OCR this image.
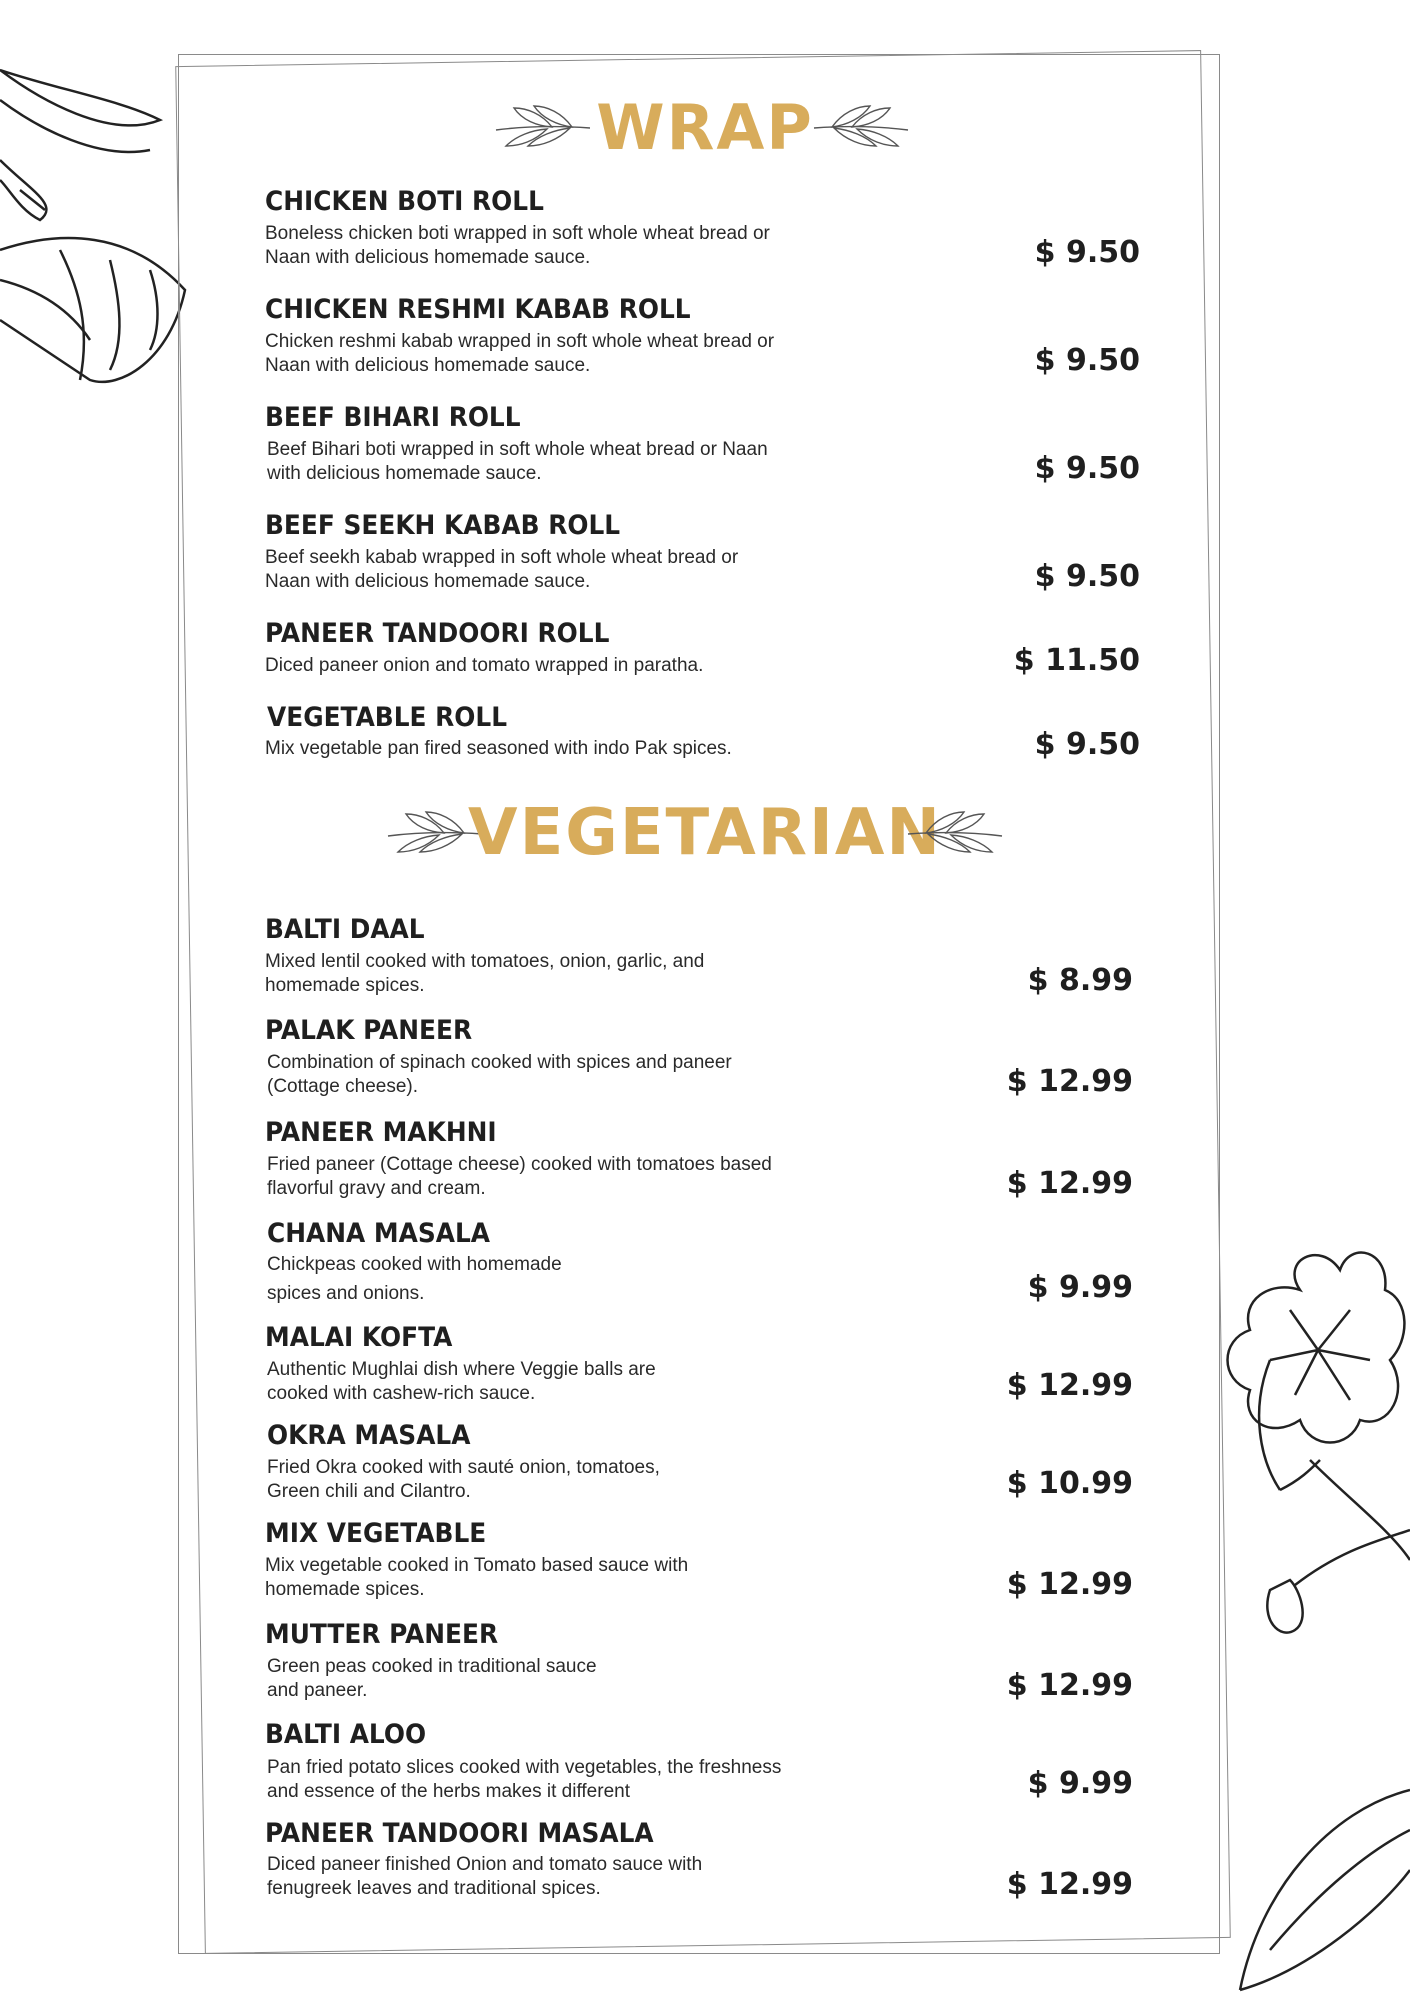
WRAP
CHICKEN BOTI ROLL
Boneless chicken boti wrapped in soft whole wheat bread or
Naan with delicious homemade sauce.	$ 9.50
CHICKEN RESHMI KABAB ROLL
Chicken reshmi kabab wrapped in soft whole wheat bread or
Naan with delicious homemade sauce.	$ 9.50
BEEF BIHARI ROLL
Beef Bihari boti wrapped in soft whole wheat bread or Naan
with delicious homemade sauce.	$ 9.50
BEEF SEEKH KABAB ROLL
Beef seekh kabab wrapped in soft whole wheat bread or
Naan with delicious homemade sauce.	$ 9.50
PANEER TANDOORI ROLL
Diced paneer onion and tomato wrapped in paratha.	$ 11.50
VEGETABLE ROLL
Mix vegetable pan fired seasoned with indo Pak spices.	$ 9.50
VEGETARIAN
BALTI DAAL
Mixed lentil cooked with tomatoes, onion, garlic, and
homemade spices.	$ 8.99
PALAK PANEER
Combination of spinach cooked with spices and paneer
(Cottage cheese).	$ 12.99
PANEER MAKHNI
Fried paneer (Cottage cheese) cooked with tomatoes based
flavorful gravy and cream.	$ 12.99
CHANA MASALA
Chickpeas cooked with homemade
spices and onions.	$ 9.99
MALAI KOFTA
Authentic Mughlai dish where Veggie balls are
cooked with cashew-rich sauce.	$ 12.99
OKRA MASALA
Fried Okra cooked with sauté onion, tomatoes,
Green chili and Cilantro.	$ 10.99
MIX VEGETABLE
Mix vegetable cooked in Tomato based sauce with
homemade spices.	$ 12.99
MUTTER PANEER
Green peas cooked in traditional sauce
and paneer.	$ 12.99
BALTI ALOO
Pan fried potato slices cooked with vegetables, the freshness
and essence of the herbs makes it different	$ 9.99
PANEER TANDOORI MASALA
Diced paneer finished Onion and tomato sauce with
fenugreek leaves and traditional spices.	$ 12.99
